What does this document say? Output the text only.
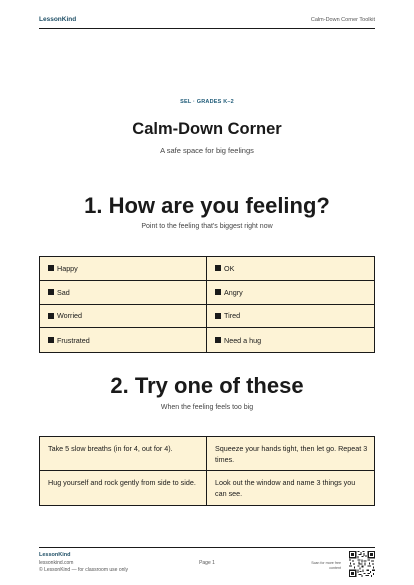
LessonKind	Calm-Down Corner Toolkit
SEL · GRADES K–2
Calm-Down Corner
A safe space for big feelings
1. How are you feeling?
Point to the feeling that's biggest right now
Happy	OK
Sad	Angry
Worried	Tired
Frustrated	Need a hug
2. Try one of these
When the feeling feels too big
Take 5 slow breaths (in for 4, out for 4).	Squeeze your hands tight, then let go. Repeat 3 times.
Hug yourself and rock gently from side to side.	Look out the window and name 3 things you can see.
LessonKind
lessonkind.com
© LessonKind — for classroom use only
Page 1	Scan for more free content
